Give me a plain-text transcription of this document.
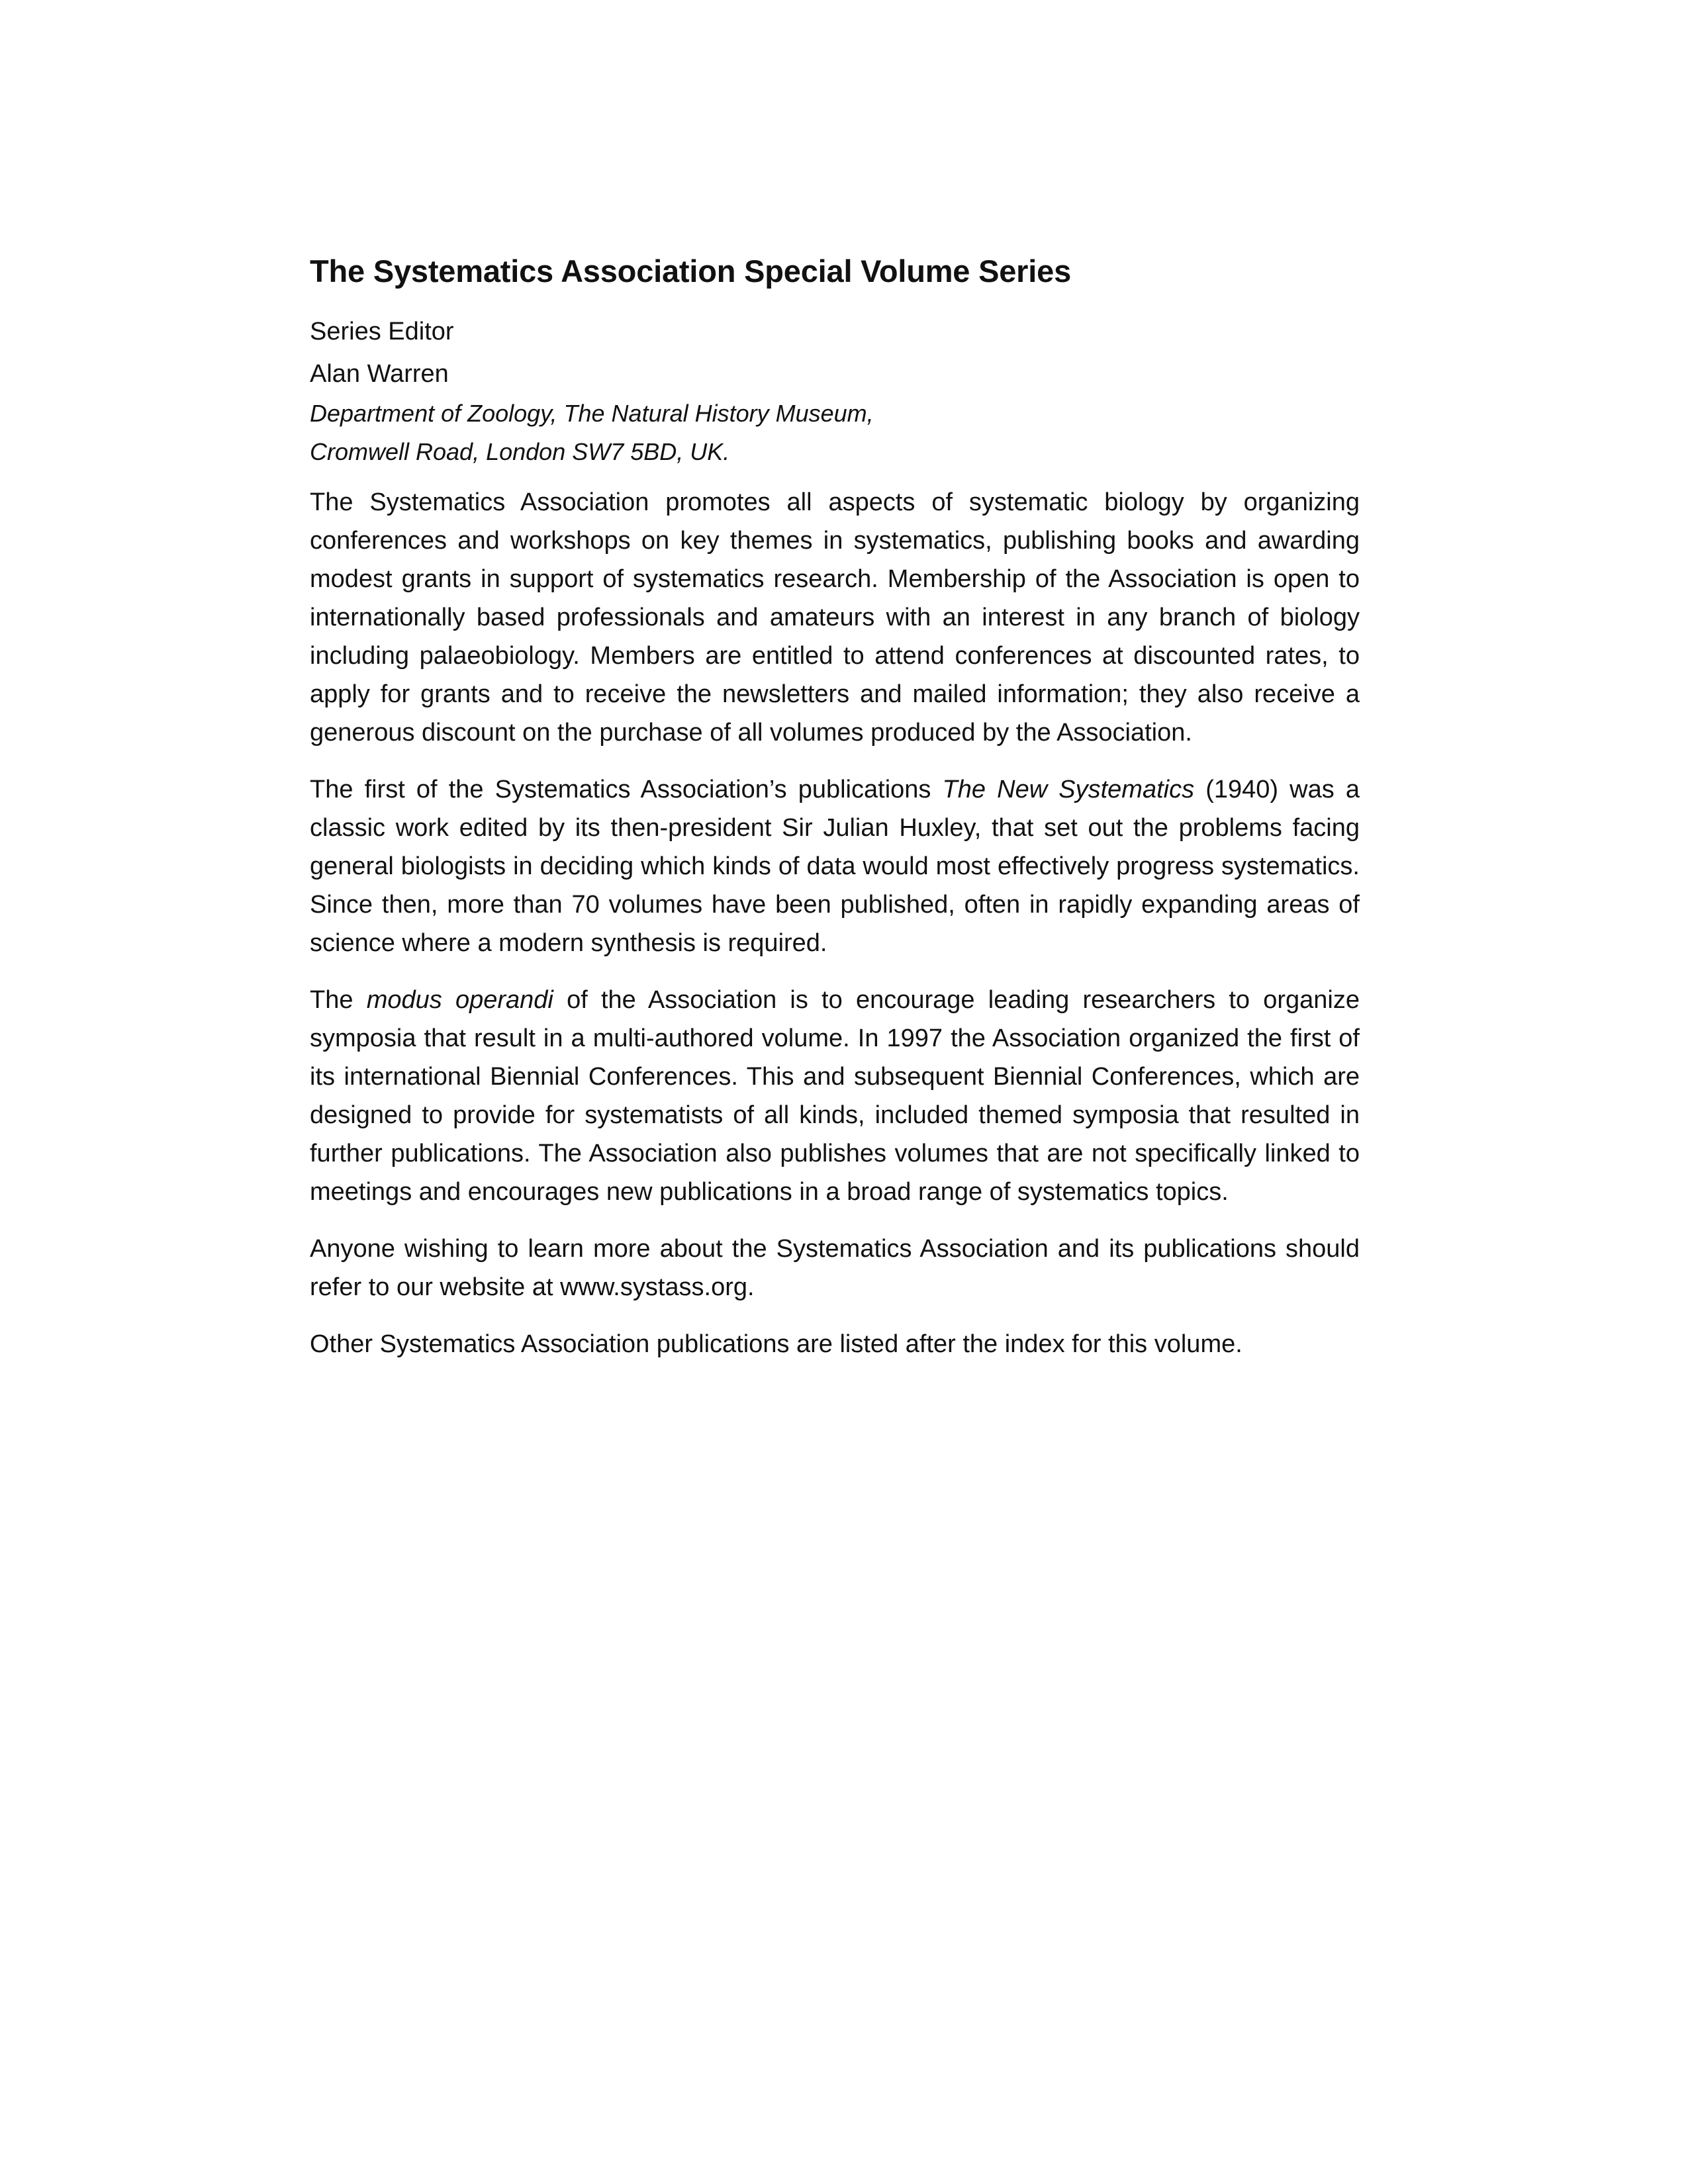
The Systematics Association Special Volume Series

Series Editor

Alan Warren

Department of Zoology, The Natural History Museum,
Cromwell Road, London SW7 5BD, UK.

The Systematics Association promotes all aspects of systematic biology by organizing conferences and workshops on key themes in systematics, publishing books and awarding modest grants in support of systematics research. Membership of the Association is open to internationally based professionals and amateurs with an interest in any branch of biology including palaeobiology. Members are entitled to attend conferences at discounted rates, to apply for grants and to receive the newsletters and mailed information; they also receive a generous discount on the purchase of all volumes produced by the Association.

The first of the Systematics Association’s publications The New Systematics (1940) was a classic work edited by its then-president Sir Julian Huxley, that set out the problems facing general biologists in deciding which kinds of data would most effectively progress systematics. Since then, more than 70 volumes have been published, often in rapidly expanding areas of science where a modern synthesis is required.

The modus operandi of the Association is to encourage leading researchers to organize symposia that result in a multi-authored volume. In 1997 the Association organized the first of its international Biennial Conferences. This and subsequent Biennial Conferences, which are designed to provide for systematists of all kinds, included themed symposia that resulted in further publications. The Association also publishes volumes that are not specifically linked to meetings and encourages new publications in a broad range of systematics topics.

Anyone wishing to learn more about the Systematics Association and its publications should refer to our website at www.systass.org.

Other Systematics Association publications are listed after the index for this volume.
